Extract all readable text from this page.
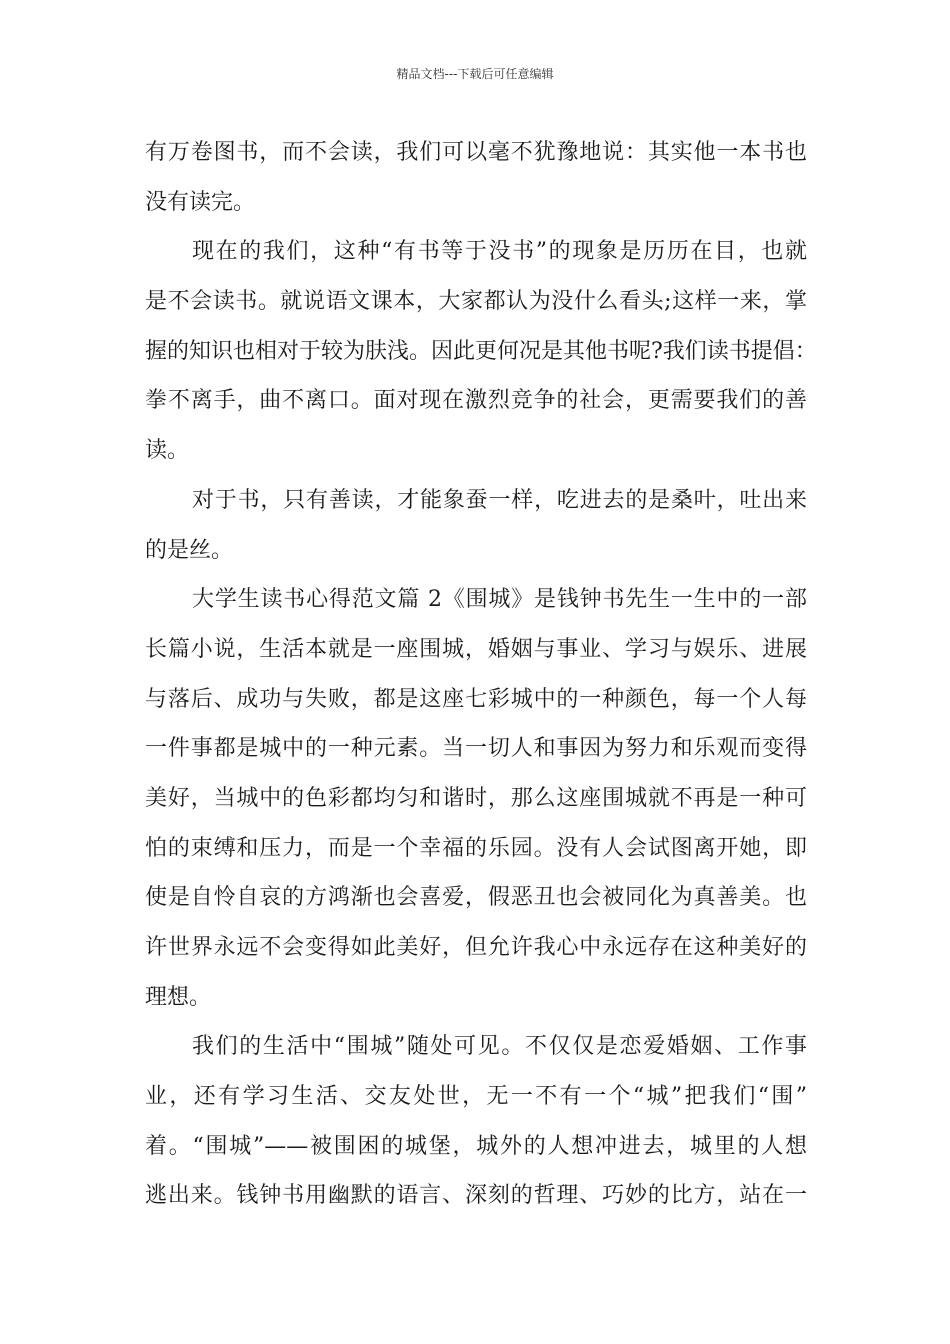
精品文档---下载后可任意编辑
有万卷图书，而不会读，我们可以毫不犹豫地说：其实他一本书也
没有读完。
现在的我们，这种“有书等于没书”的现象是历历在目，也就
是不会读书。就说语文课本，大家都认为没什么看头;这样一来，掌
握的知识也相对于较为肤浅。因此更何况是其他书呢?我们读书提倡：
拳不离手，曲不离口。面对现在激烈竞争的社会，更需要我们的善
读。
对于书，只有善读，才能象蚕一样，吃进去的是桑叶，吐出来
的是丝。
大学生读书心得范文篇 2《围城》是钱钟书先生一生中的一部
长篇小说，生活本就是一座围城，婚姻与事业、学习与娱乐、进展
与落后、成功与失败，都是这座七彩城中的一种颜色，每一个人每
一件事都是城中的一种元素。当一切人和事因为努力和乐观而变得
美好，当城中的色彩都均匀和谐时，那么这座围城就不再是一种可
怕的束缚和压力，而是一个幸福的乐园。没有人会试图离开她，即
使是自怜自哀的方鸿渐也会喜爱，假恶丑也会被同化为真善美。也
许世界永远不会变得如此美好，但允许我心中永远存在这种美好的
理想。
我们的生活中“围城”随处可见。不仅仅是恋爱婚姻、工作事
业，还有学习生活、交友处世，无一不有一个“城”把我们“围”
着。“围城”——被围困的城堡，城外的人想冲进去，城里的人想
逃出来。钱钟书用幽默的语言、深刻的哲理、巧妙的比方，站在一
